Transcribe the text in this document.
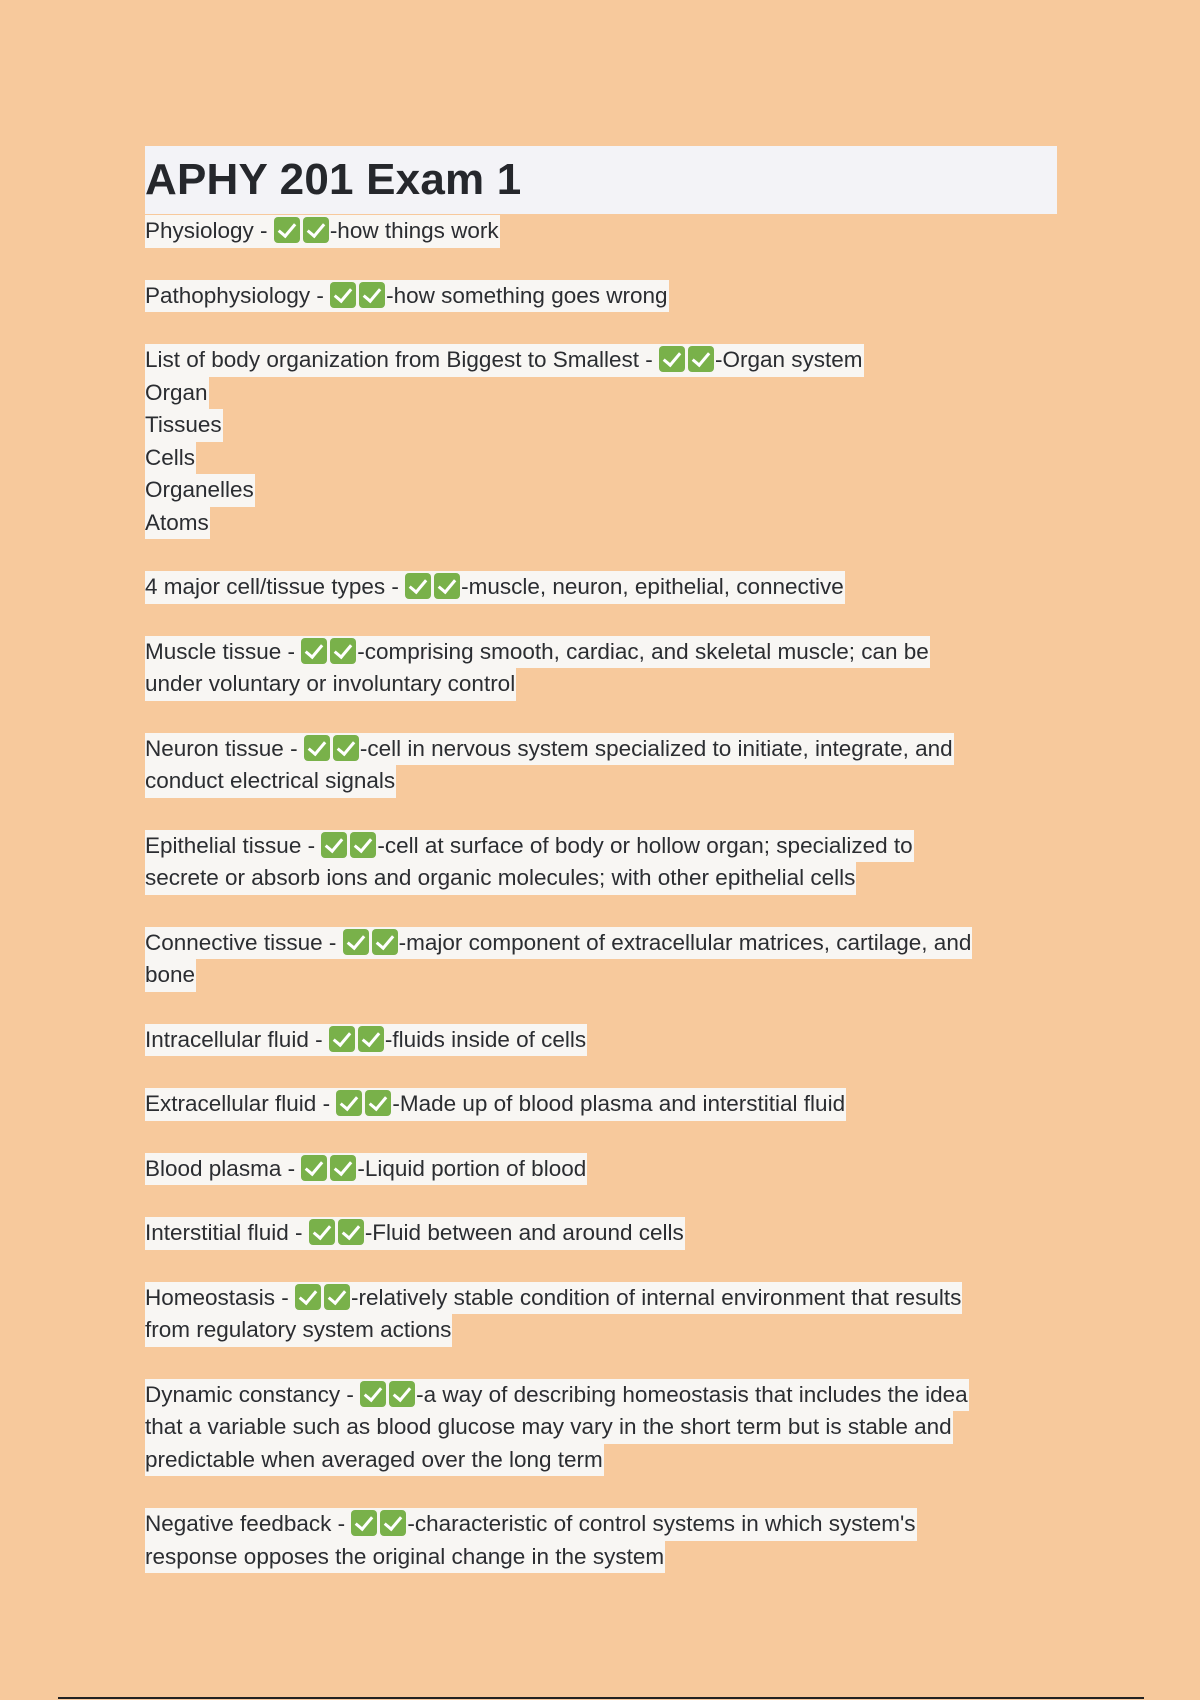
APHY 201 Exam 1
Physiology - -how things work
Pathophysiology - -how something goes wrong
List of body organization from Biggest to Smallest - -Organ system
Organ
Tissues
Cells
Organelles
Atoms
4 major cell/tissue types - -muscle, neuron, epithelial, connective
Muscle tissue - -comprising smooth, cardiac, and skeletal muscle; can be
under voluntary or involuntary control
Neuron tissue - -cell in nervous system specialized to initiate, integrate, and
conduct electrical signals
Epithelial tissue - -cell at surface of body or hollow organ; specialized to
secrete or absorb ions and organic molecules; with other epithelial cells
Connective tissue - -major component of extracellular matrices, cartilage, and
bone
Intracellular fluid - -fluids inside of cells
Extracellular fluid - -Made up of blood plasma and interstitial fluid
Blood plasma - -Liquid portion of blood
Interstitial fluid - -Fluid between and around cells
Homeostasis - -relatively stable condition of internal environment that results
from regulatory system actions
Dynamic constancy - -a way of describing homeostasis that includes the idea
that a variable such as blood glucose may vary in the short term but is stable and
predictable when averaged over the long term
Negative feedback - -characteristic of control systems in which system's
response opposes the original change in the system
